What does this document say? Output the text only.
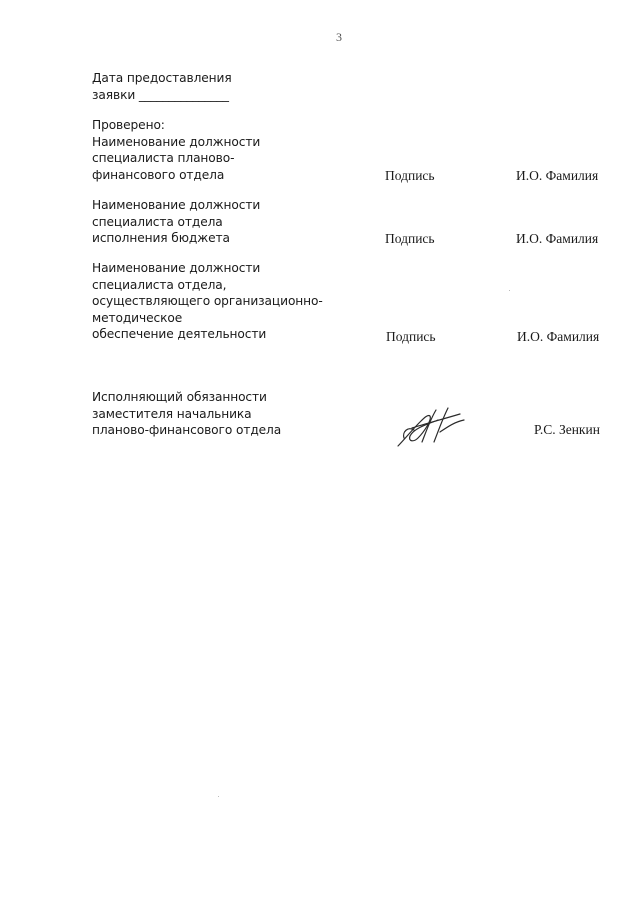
3
Дата предоставления
заявки _______________
Проверено:
Наименование должности
специалиста планово-
финансового отдела	Подпись	И.О. Фамилия
Наименование должности
специалиста отдела
исполнения бюджета	Подпись	И.О. Фамилия
Наименование должности
специалиста отдела,
осуществляющего организационно-
методическое
обеспечение деятельности	Подпись	И.О. Фамилия
Исполняющий обязанности
заместителя начальника
планово-финансового отдела	Р.С. Зенкин
